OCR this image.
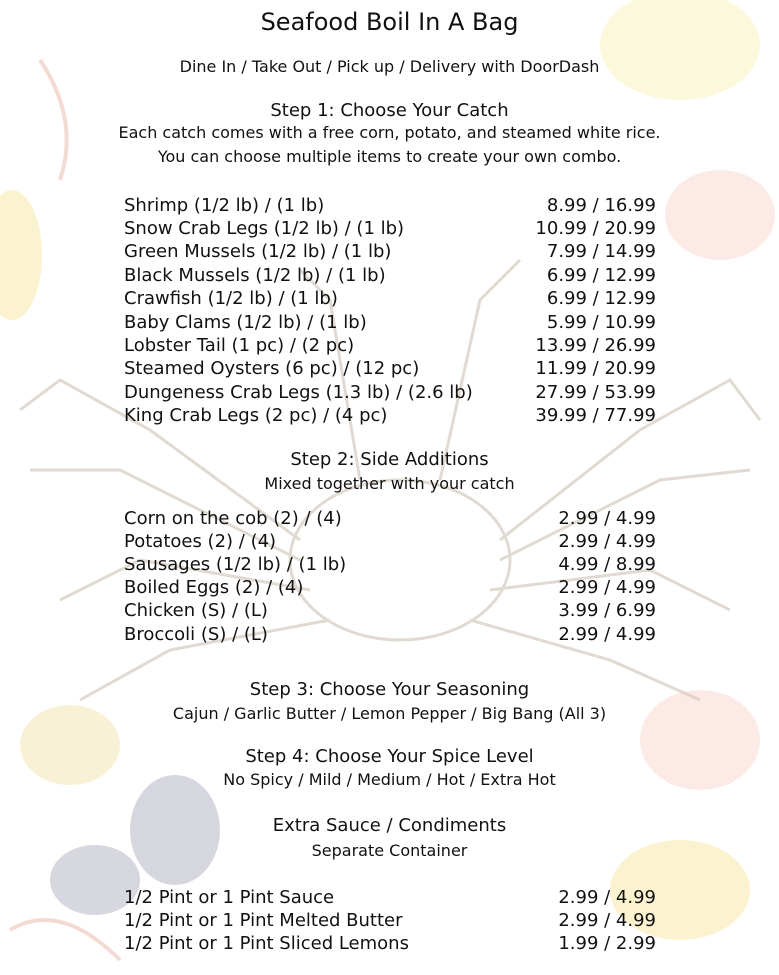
Seafood Boil In A Bag
Dine In / Take Out / Pick up / Delivery with DoorDash
Step 1: Choose Your Catch
Each catch comes with a free corn, potato, and steamed white rice.
You can choose multiple items to create your own combo.
Shrimp (1/2 lb) / (1 lb)	8.99 / 16.99
Snow Crab Legs (1/2 lb) / (1 lb)	10.99 / 20.99
Green Mussels (1/2 lb) / (1 lb)	7.99 / 14.99
Black Mussels (1/2 lb) / (1 lb)	6.99 / 12.99
Crawfish (1/2 lb) / (1 lb)	6.99 / 12.99
Baby Clams (1/2 lb) / (1 lb)	5.99 / 10.99
Lobster Tail (1 pc) / (2 pc)	13.99 / 26.99
Steamed Oysters (6 pc) / (12 pc)	11.99 / 20.99
Dungeness Crab Legs (1.3 lb) / (2.6 lb)	27.99 / 53.99
King Crab Legs (2 pc) / (4 pc)	39.99 / 77.99
Step 2: Side Additions
Mixed together with your catch
Corn on the cob (2) / (4)	2.99 / 4.99
Potatoes (2) / (4)	2.99 / 4.99
Sausages (1/2 lb) / (1 lb)	4.99 / 8.99
Boiled Eggs (2) / (4)	2.99 / 4.99
Chicken (S) / (L)	3.99 / 6.99
Broccoli (S) / (L)	2.99 / 4.99
Step 3: Choose Your Seasoning
Cajun / Garlic Butter / Lemon Pepper / Big Bang (All 3)
Step 4: Choose Your Spice Level
No Spicy / Mild / Medium / Hot / Extra Hot
Extra Sauce / Condiments
Separate Container
1/2 Pint or 1 Pint Sauce	2.99 / 4.99
1/2 Pint or 1 Pint Melted Butter	2.99 / 4.99
1/2 Pint or 1 Pint Sliced Lemons	1.99 / 2.99
